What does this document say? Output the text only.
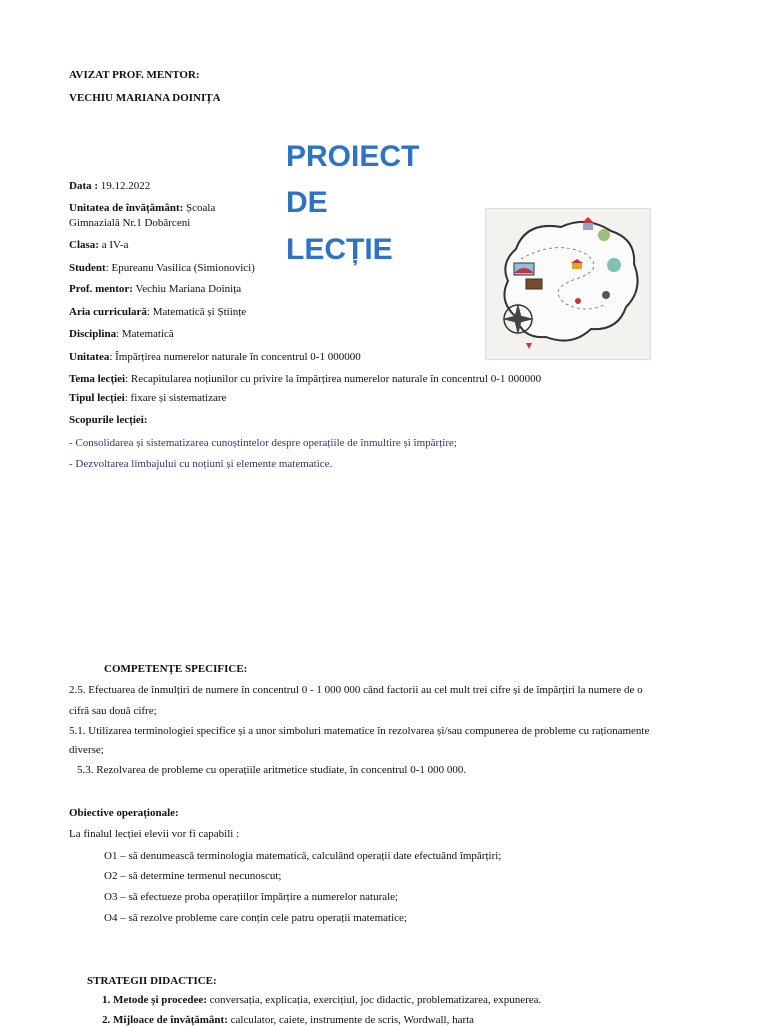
AVIZAT PROF. MENTOR:
VECHIU MARIANA DOINIȚA
PROIECT
DE
LECȚIE
Data : 19.12.2022
Unitatea de învățământ: Școala
Gimnazială Nr.1 Dobârceni
Clasa: a IV-a
Student: Epureanu Vasilica (Simionovici)
Prof. mentor: Vechiu Mariana Doinița
Aria curriculară: Matematică și Științe
Disciplina: Matematică
Unitatea: Împărțirea numerelor naturale în concentrul 0-1 000000
Tema lecției: Recapitularea noțiunilor cu privire la împărțirea numerelor naturale în concentrul 0-1 000000
Tipul lecției: fixare și sistematizare
Scopurile lecției:
- Consolidarea și sistematizarea cunoștintelor despre operațiile de înmultire și împărțire;
- Dezvoltarea limbajului cu noțiuni și elemente matematice.
COMPETENȚE SPECIFICE:
2.5. Efectuarea de înmulțiri de numere în concentrul 0 - 1 000 000 când factorii au cel mult trei cifre și de împărțiri la numere de o
cifră sau două cifre;
5.1. Utilizarea terminologiei specifice și a unor simboluri matematice în rezolvarea și/sau compunerea de probleme cu raționamente
diverse;
5.3. Rezolvarea de probleme cu operațiile aritmetice studiate, în concentrul 0-1 000 000.
Obiective operaționale:
La finalul lecției elevii vor fi capabili :
O1 – să denumească terminologia matematică, calculând operații date efectuând împărțiri;
O2 – să determine termenul necunoscut;
O3 – să efectueze proba operațiilor împărțire a numerelor naturale;
O4 – să rezolve probleme care conțin cele patru operații matematice;
STRATEGII DIDACTICE:
1. Metode și procedee: conversația, explicația, exercițiul, joc didactic, problematizarea, expunerea.
2. Mijloace de învățământ: calculator, caiete, instrumente de scris, Wordwall, harta
